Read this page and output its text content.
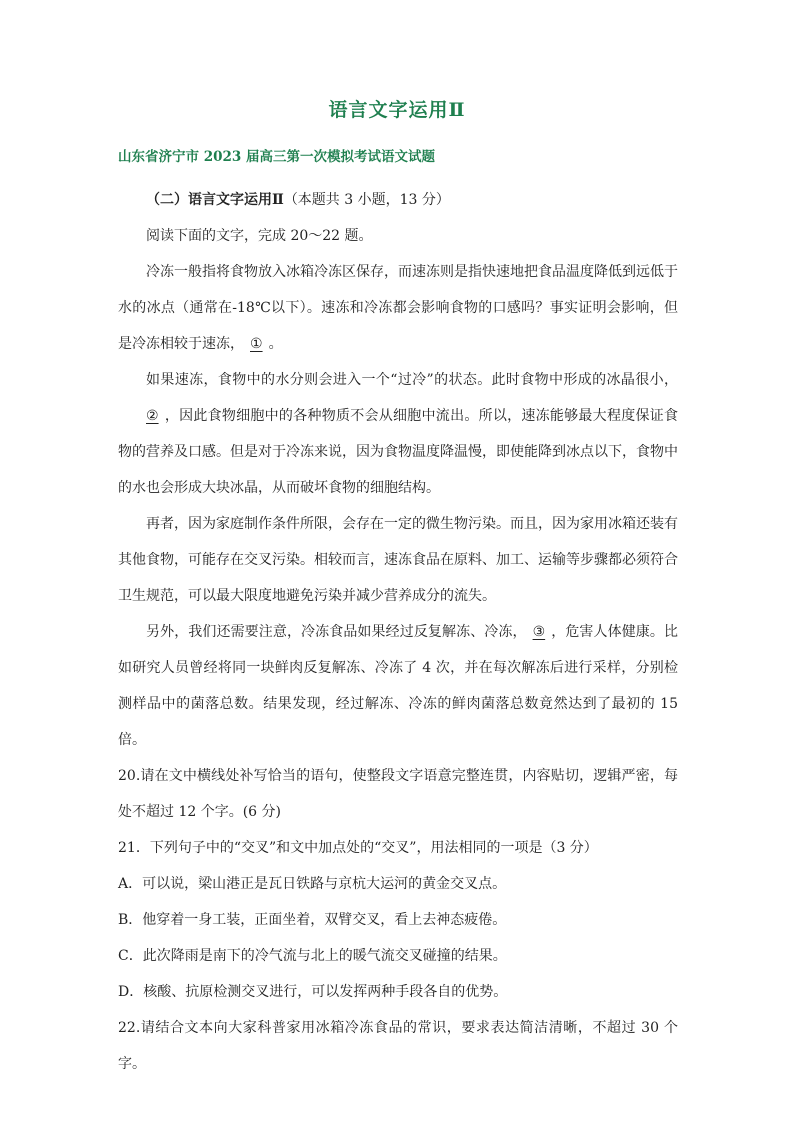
语言文字运用Ⅱ
山东省济宁市 2023 届高三第一次模拟考试语文试题

（二）语言文字运用Ⅱ（本题共 3 小题，13 分）

阅读下面的文字，完成 20～22 题。

冷冻一般指将食物放入冰箱冷冻区保存，而速冻则是指快速地把食品温度降低到远低于水的冰点（通常在-18℃以下）。速冻和冷冻都会影响食物的口感吗？事实证明会影响，但是冷冻相较于速冻， ① 。

如果速冻，食物中的水分则会进入一个“过冷”的状态。此时食物中形成的冰晶很小，② ，因此食物细胞中的各种物质不会从细胞中流出。所以，速冻能够最大程度保证食物的营养及口感。但是对于冷冻来说，因为食物温度降温慢，即使能降到冰点以下，食物中的水也会形成大块冰晶，从而破坏食物的细胞结构。

再者，因为家庭制作条件所限，会存在一定的微生物污染。而且，因为家用冰箱还装有其他食物，可能存在交叉污染。相较而言，速冻食品在原料、加工、运输等步骤都必须符合卫生规范，可以最大限度地避免污染并减少营养成分的流失。

另外，我们还需要注意，冷冻食品如果经过反复解冻、冷冻， ③ ，危害人体健康。比如研究人员曾经将同一块鲜肉反复解冻、冷冻了 4 次，并在每次解冻后进行采样，分别检测样品中的菌落总数。结果发现，经过解冻、冷冻的鲜肉菌落总数竟然达到了最初的 15 倍。

20.请在文中横线处补写恰当的语句，使整段文字语意完整连贯，内容贴切，逻辑严密，每处不超过 12 个字。(6 分)

21．下列句子中的“交叉”和文中加点处的“交叉”，用法相同的一项是（3 分）

A．可以说，梁山港正是瓦日铁路与京杭大运河的黄金交叉点。

B．他穿着一身工装，正面坐着，双臂交叉，看上去神态疲倦。

C．此次降雨是南下的冷气流与北上的暖气流交叉碰撞的结果。

D．核酸、抗原检测交叉进行，可以发挥两种手段各自的优势。

22.请结合文本向大家科普家用冰箱冷冻食品的常识，要求表达简洁清晰，不超过 30 个字。
